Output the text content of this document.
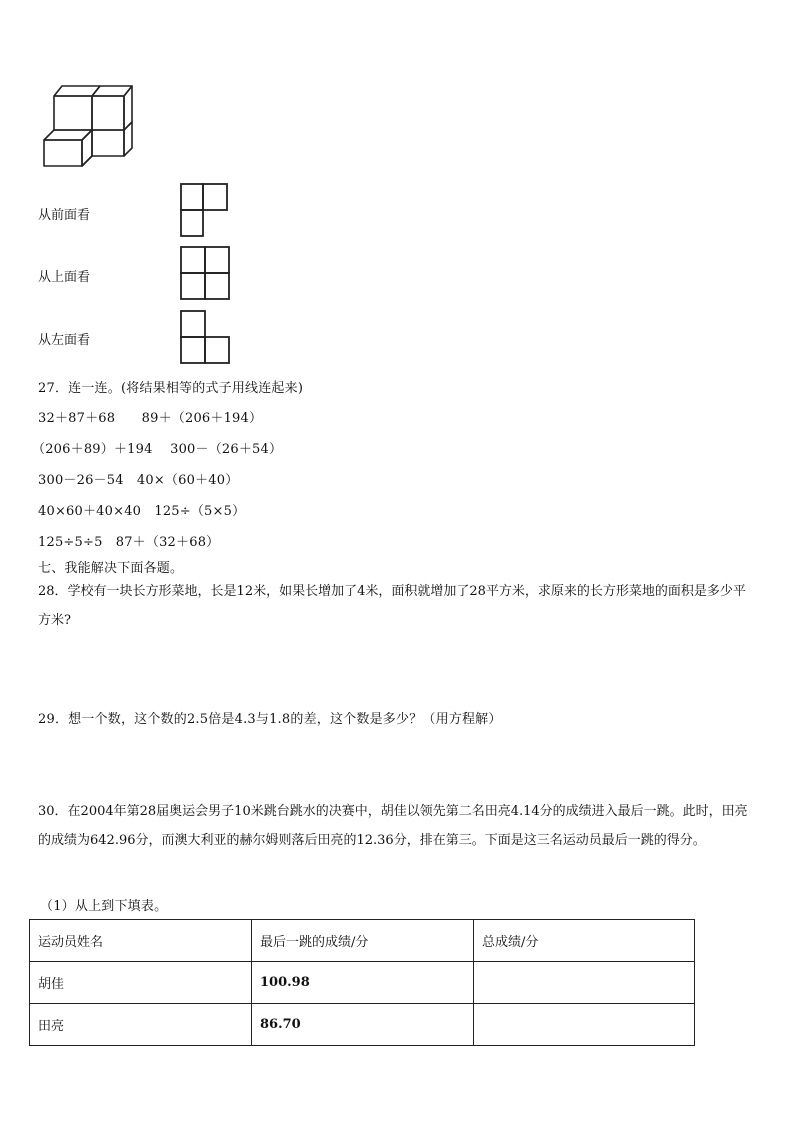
从前面看
从上面看
从左面看
27．连一连。(将结果相等的式子用线连起来)
32＋87＋68　　89＋（206＋194）
（206＋89）＋194　 300－（26＋54）
300－26－54　40×（60＋40）
40×60＋40×40　125÷（5×5）
125÷5÷5　87＋（32＋68）
七、我能解决下面各题。
28．学校有一块长方形菜地，长是12米，如果长增加了4米，面积就增加了28平方米，求原来的长方形菜地的面积是多少平方米?
29．想一个数，这个数的2.5倍是4.3与1.8的差，这个数是多少？（用方程解）
30．在2004年第28届奥运会男子10米跳台跳水的决赛中，胡佳以领先第二名田亮4.14分的成绩进入最后一跳。此时，田亮的成绩为642.96分，而澳大利亚的赫尔姆则落后田亮的12.36分，排在第三。下面是这三名运动员最后一跳的得分。
（1）从上到下填表。
运动员姓名	最后一跳的成绩/分	总成绩/分
胡佳	100.98	
田亮	86.70	
